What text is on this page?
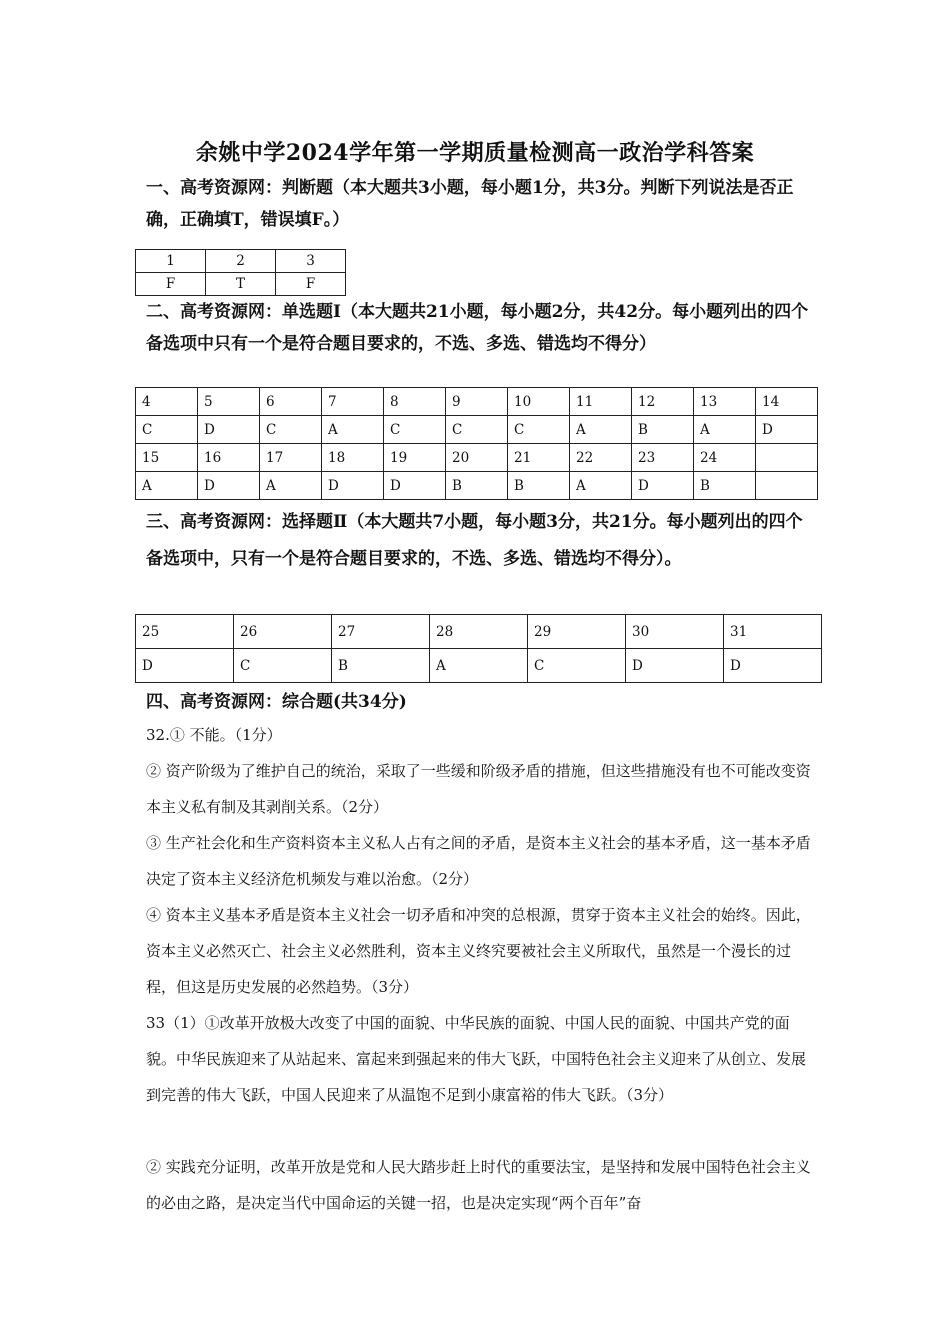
余姚中学2024学年第一学期质量检测高一政治学科答案
一、高考资源网：判断题（本大题共3小题，每小题1分，共3分。判断下列说法是否正确，正确填T，错误填F。）
1	2	3
F	T	F
二、高考资源网：单选题Ⅰ（本大题共21小题，每小题2分，共42分。每小题列出的四个备选项中只有一个是符合题目要求的，不选、多选、错选均不得分）
4	5	6	7	8	9	10	11	12	13	14
C	D	C	A	C	C	C	A	B	A	D
15	16	17	18	19	20	21	22	23	24	
A	D	A	D	D	B	B	A	D	B	
三、高考资源网：选择题Ⅱ（本大题共7小题，每小题3分，共21分。每小题列出的四个备选项中，只有一个是符合题目要求的，不选、多选、错选均不得分）。
25	26	27	28	29	30	31
D	C	B	A	C	D	D
四、高考资源网：综合题(共34分)
32.① 不能。（1分）
② 资产阶级为了维护自己的统治，采取了一些缓和阶级矛盾的措施，但这些措施没有也不可能改变资本主义私有制及其剥削关系。（2分）
③ 生产社会化和生产资料资本主义私人占有之间的矛盾，是资本主义社会的基本矛盾，这一基本矛盾决定了资本主义经济危机频发与难以治愈。（2分）
④ 资本主义基本矛盾是资本主义社会一切矛盾和冲突的总根源，贯穿于资本主义社会的始终。因此，资本主义必然灭亡、社会主义必然胜利，资本主义终究要被社会主义所取代，虽然是一个漫长的过程，但这是历史发展的必然趋势。（3分）
33（1）①改革开放极大改变了中国的面貌、中华民族的面貌、中国人民的面貌、中国共产党的面貌。中华民族迎来了从站起来、富起来到强起来的伟大飞跃，中国特色社会主义迎来了从创立、发展到完善的伟大飞跃，中国人民迎来了从温饱不足到小康富裕的伟大飞跃。（3分）
② 实践充分证明，改革开放是党和人民大踏步赶上时代的重要法宝，是坚持和发展中国特色社会主义的必由之路，是决定当代中国命运的关键一招，也是决定实现“两个百年”奋
